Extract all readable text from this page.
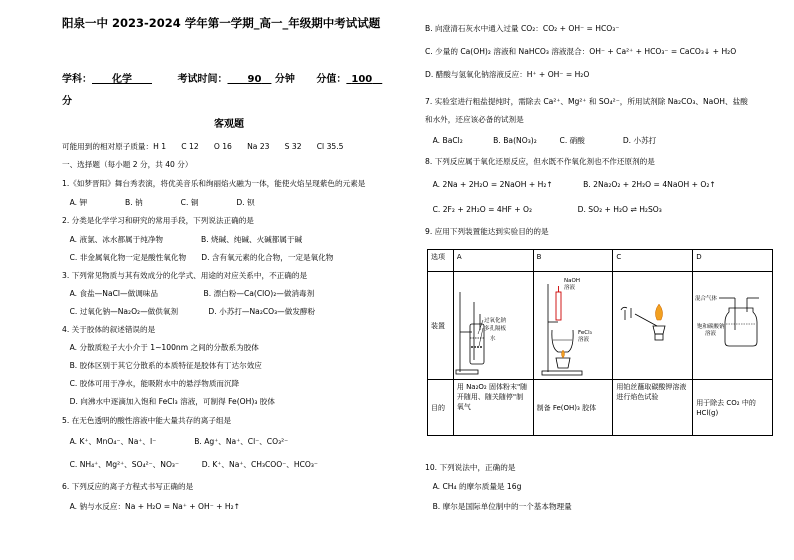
阳泉一中 2023-2024 学年第一学期_高一_年级期中考试试题
学科：   化学  	考试时间：   90  分钟 分值：  100 
分
客观题
可能用到的相对原子质量：H 1　　C 12　　O 16　　Na 23　　S 32　　Cl 35.5
一、选择题（每小题 2 分，共 40 分）
1.《如梦晋阳》舞台秀表演，将优美音乐和绚丽焰火融为一体，能使火焰呈现紫色的元素是
　A. 钾　　　　　B. 钠　　　　　C. 铜　　　　　D. 钡
2. 分类是化学学习和研究的常用手段，下列说法正确的是
　A. 液氯、冰水都属于纯净物　　　　　B. 烧碱、纯碱、火碱都属于碱
　C. 非金属氧化物一定是酸性氧化物　　D. 含有氧元素的化合物，一定是氧化物
3. 下列常见物质与其有效成分的化学式、用途的对应关系中，不正确的是
　A. 食盐—NaCl—做调味品　　　　　　B. 漂白粉—Ca(ClO)₂—做消毒剂
　C. 过氧化钠—Na₂O₂—做供氧剂　　　　D. 小苏打—Na₂CO₃—做发酵粉
4. 关于胶体的叙述错误的是
　A. 分散质粒子大小介于 1~100nm 之间的分散系为胶体
　B. 胶体区别于其它分散系的本质特征是胶体有丁达尔效应
　C. 胶体可用于净水，能吸附水中的悬浮物质而沉降
　D. 向沸水中逐滴加入饱和 FeCl₃ 溶液，可制得 Fe(OH)₃ 胶体
5. 在无色透明的酸性溶液中能大量共存的离子组是
　A. K⁺、MnO₄⁻、Na⁺、I⁻　　　　　B. Ag⁺、Na⁺、Cl⁻、CO₃²⁻
　C. NH₄⁺、Mg²⁺、SO₄²⁻、NO₃⁻　　　D. K⁺、Na⁺、CH₃COO⁻、HCO₃⁻
6. 下列反应的离子方程式书写正确的是
　A. 钠与水反应：Na + H₂O = Na⁺ + OH⁻ + H₂↑
B. 向澄清石灰水中通入过量 CO₂：CO₂ + OH⁻ = HCO₃⁻
C. 少量的 Ca(OH)₂ 溶液和 NaHCO₃ 溶液混合：OH⁻ + Ca²⁺ + HCO₃⁻ = CaCO₃↓ + H₂O
D. 醋酸与氢氧化钠溶液反应：H⁺ + OH⁻ = H₂O
7. 实验室进行粗盐提纯时，需除去 Ca²⁺、Mg²⁺ 和 SO₄²⁻，所用试剂除 Na₂CO₃、NaOH、盐酸
和水外，还应该必备的试剂是
　A. BaCl₂　　　　B. Ba(NO₃)₂　　　C. 硝酸　　　　　D. 小苏打
8. 下列反应属于氧化还原反应，但水既不作氧化剂也不作还原剂的是
　A. 2Na + 2H₂O = 2NaOH + H₂↑　　　　B. 2Na₂O₂ + 2H₂O = 4NaOH + O₂↑
　C. 2F₂ + 2H₂O = 4HF + O₂　　　　　　D. SO₂ + H₂O ⇌ H₂SO₃
9. 应用下列装置能达到实验目的的是
选项	A	B	C	D
装置	过氧化钠
多孔隔板
水	NaOH
溶液
FeCl₃
溶液		混合气体
饱和碳酸钠
溶液

目的	用 Na₂O₂ 固体粉末"随开随用、随关随停"制氧气	制备 Fe(OH)₃ 胶体	用铂丝蘸取碳酸钾溶液进行焰色试验	用于除去 CO₂ 中的 HCl(g)
10. 下列说法中，正确的是
　A. CH₄ 的摩尔质量是 16g
　B. 摩尔是国际单位制中的一个基本物理量
